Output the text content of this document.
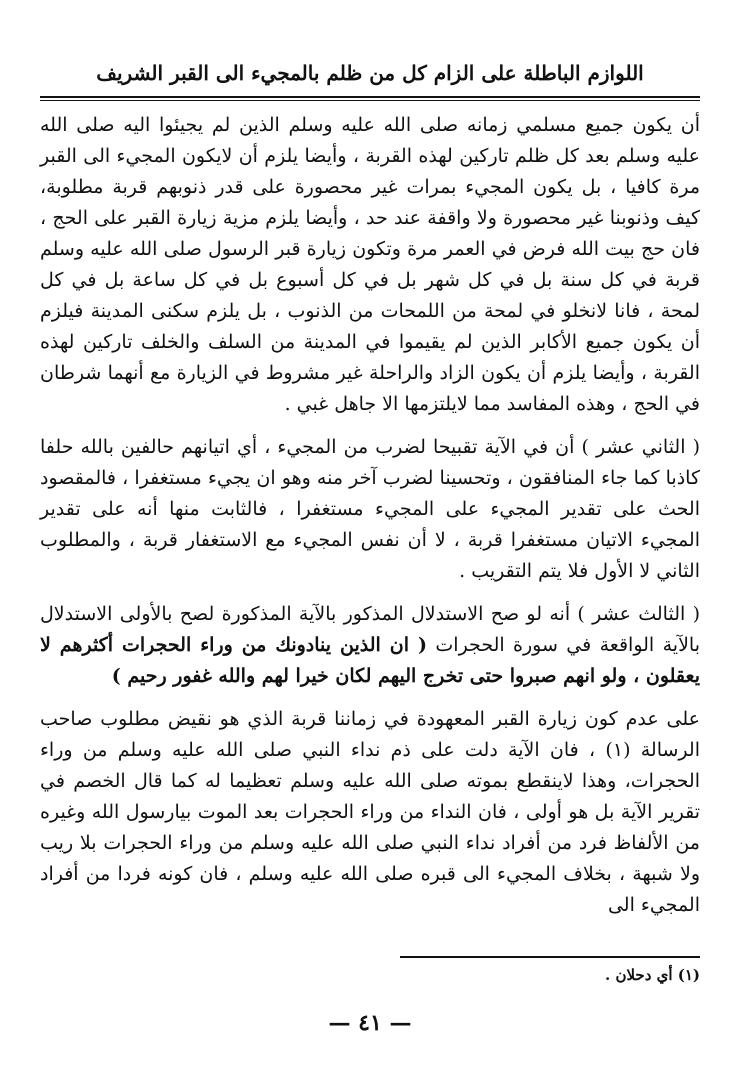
اللوازم الباطلة على الزام كل من ظلم بالمجيء الى القبر الشريف

أن يكون جميع مسلمي زمانه صلى الله عليه وسلم الذين لم يجيئوا اليه صلى الله عليه وسلم بعد كل ظلم تاركين لهذه القربة ، وأيضا يلزم أن لايكون المجيء الى القبر مرة كافيا ، بل يكون المجيء بمرات غير محصورة على قدر ذنوبهم قربة مطلوبة، كيف وذنوبنا غير محصورة ولا واقفة عند حد ، وأيضا يلزم مزية زيارة القبر على الحج ، فان حج بيت الله فرض في العمر مرة وتكون زيارة قبر الرسول صلى الله عليه وسلم قربة في كل سنة بل في كل شهر بل في كل أسبوع بل في كل ساعة بل في كل لمحة ، فانا لانخلو في لمحة من اللمحات من الذنوب ، بل يلزم سكنى المدينة فيلزم أن يكون جميع الأكابر الذين لم يقيموا في المدينة من السلف والخلف تاركين لهذه القربة ، وأيضا يلزم أن يكون الزاد والراحلة غير مشروط في الزيارة مع أنهما شرطان في الحج ، وهذه المفاسد مما لايلتزمها الا جاهل غبي .

( الثاني عشر ) أن في الآية تقبيحا لضرب من المجيء ، أي اتيانهم حالفين بالله حلفا كاذبا كما جاء المنافقون ، وتحسينا لضرب آخر منه وهو ان يجيء مستغفرا ، فالمقصود الحث على تقدير المجيء على المجيء مستغفرا ، فالثابت منها أنه على تقدير المجيء الاتيان مستغفرا قربة ، لا أن نفس المجيء مع الاستغفار قربة ، والمطلوب الثاني لا الأول فلا يتم التقريب .

( الثالث عشر ) أنه لو صح الاستدلال المذكور بالآية المذكورة لصح بالأولى الاستدلال بالآية الواقعة في سورة الحجرات ( ان الذين ينادونك من وراء الحجرات أكثرهم لا يعقلون ، ولو انهم صبروا حتى تخرج اليهم لكان خيرا لهم والله غفور رحيم )

على عدم كون زيارة القبر المعهودة في زماننا قربة الذي هو نقيض مطلوب صاحب الرسالة (١) ، فان الآية دلت على ذم نداء النبي صلى الله عليه وسلم من وراء الحجرات، وهذا لاينقطع بموته صلى الله عليه وسلم تعظيما له كما قال الخصم في تقرير الآية بل هو أولى ، فان النداء من وراء الحجرات بعد الموت بيارسول الله وغيره من الألفاظ فرد من أفراد نداء النبي صلى الله عليه وسلم من وراء الحجرات بلا ريب ولا شبهة ، بخلاف المجيء الى قبره صلى الله عليه وسلم ، فان كونه فردا من أفراد المجيء الى

(١) أي دحلان .
— ٤١ —
